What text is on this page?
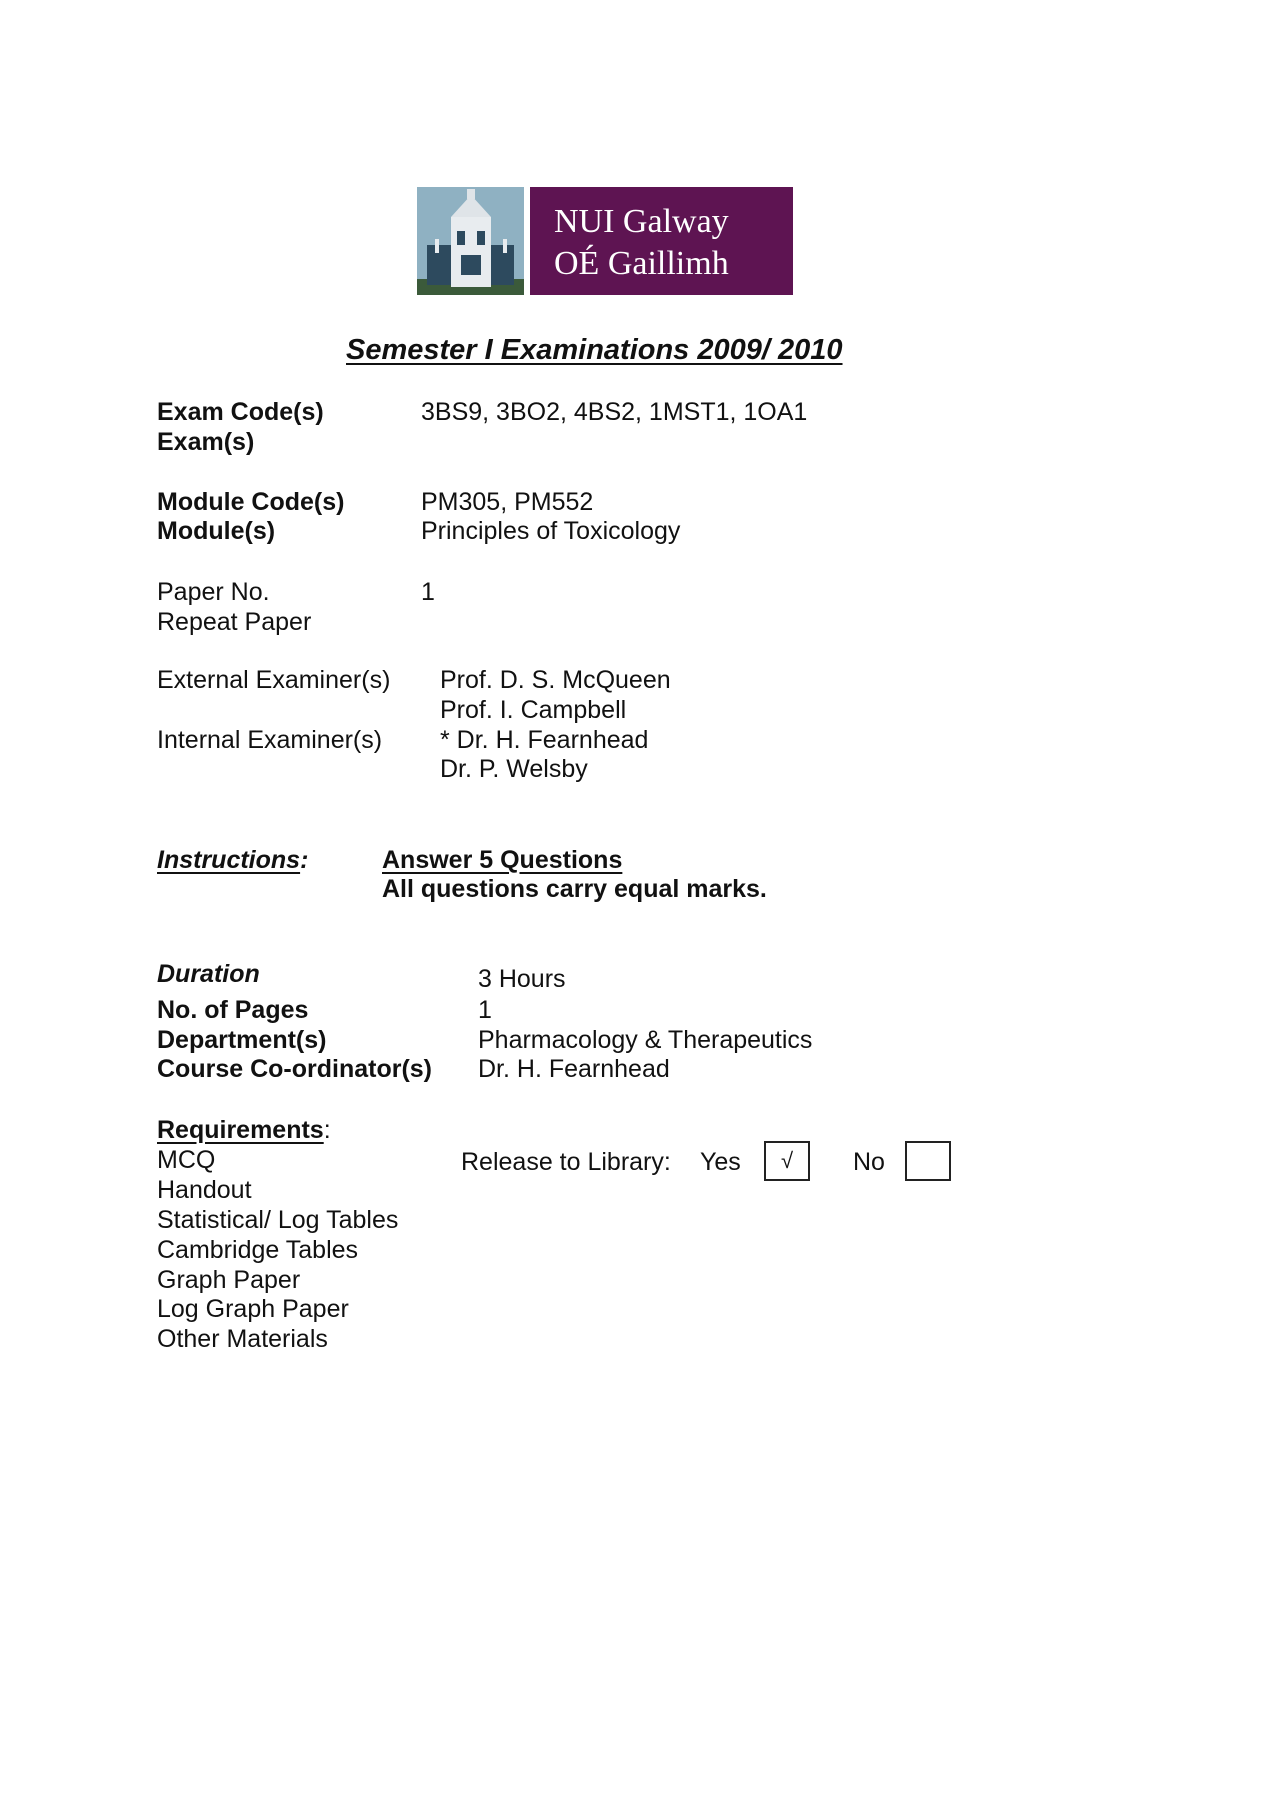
NUI Galway
OÉ Gaillimh
Semester I Examinations 2009/ 2010
Exam Code(s)	3BS9, 3BO2, 4BS2, 1MST1, 1OA1
Exam(s)
Module Code(s)	PM305, PM552
Module(s)	Principles of Toxicology
Paper No.	1
Repeat Paper
External Examiner(s) Prof. D. S. McQueen
Prof. I. Campbell
Internal Examiner(s) * Dr. H. Fearnhead
Dr. P. Welsby
Instructions:	Answer 5 Questions
All questions carry equal marks.
Duration	3 Hours
No. of Pages	1
Department(s)	Pharmacology & Therapeutics
Course Co-ordinator(s) Dr. H. Fearnhead
Requirements:
MCQ
Handout
Statistical/ Log Tables
Cambridge Tables
Graph Paper
Log Graph Paper
Other Materials
Release to Library: Yes	√	No
